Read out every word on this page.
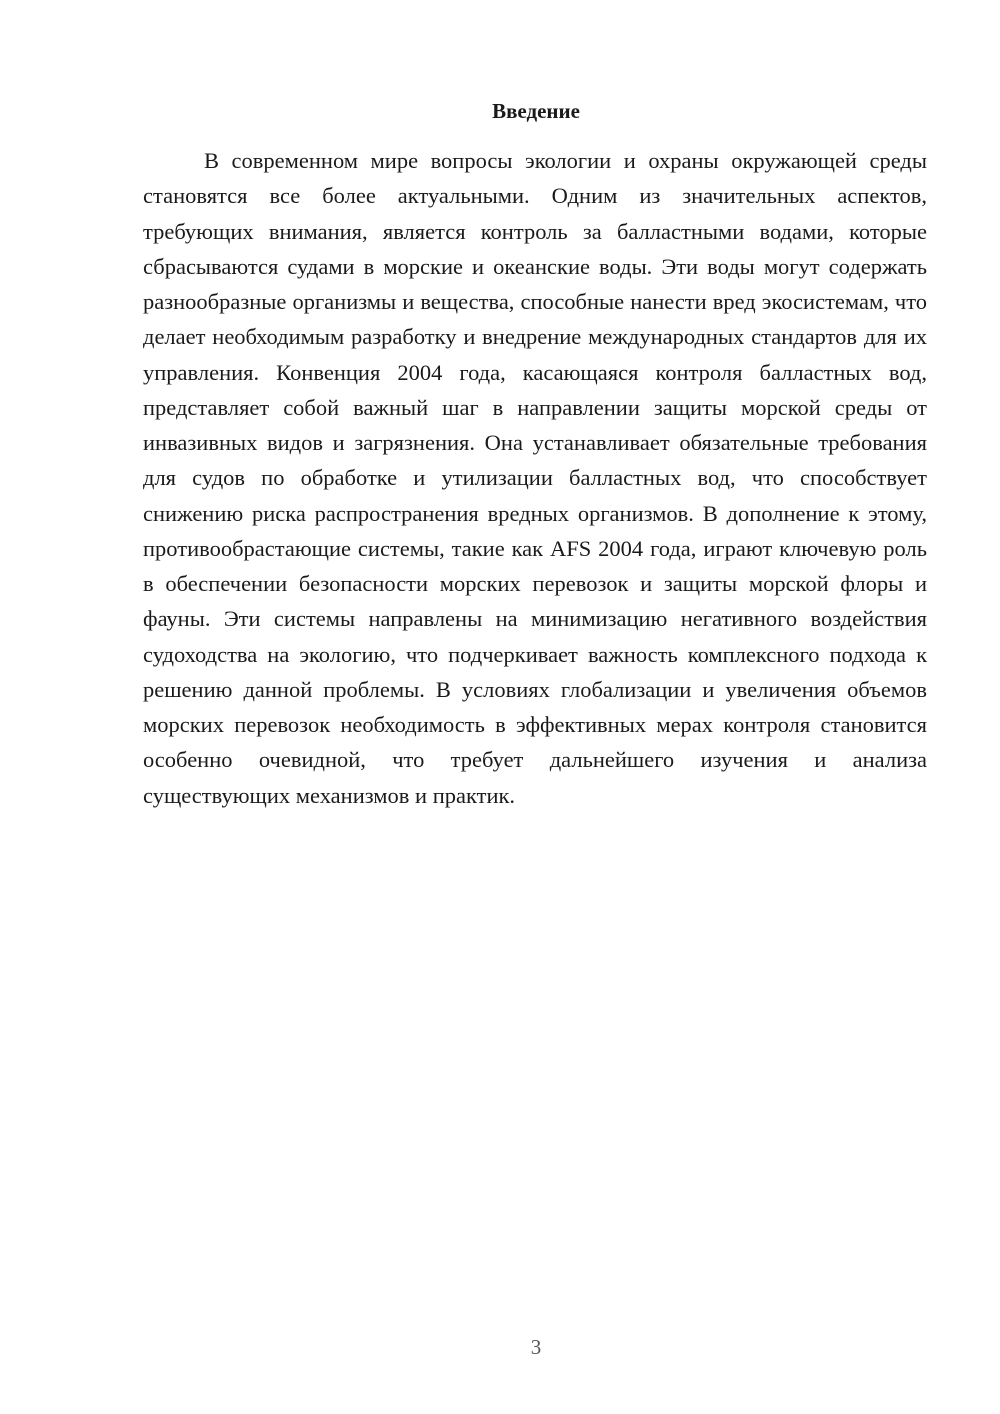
Введение

В современном мире вопросы экологии и охраны окружающей среды становятся все более актуальными. Одним из значительных аспектов, требующих внимания, является контроль за балластными водами, которые сбрасываются судами в морские и океанские воды. Эти воды могут содержать разнообразные организмы и вещества, способные нанести вред экосистемам, что делает необходимым разработку и внедрение международных стандартов для их управления. Конвенция 2004 года, касающаяся контроля балластных вод, представляет собой важный шаг в направлении защиты морской среды от инвазивных видов и загрязнения. Она устанавливает обязательные требования для судов по обработке и утилизации балластных вод, что способствует снижению риска распространения вредных организмов. В дополнение к этому, противообрастающие системы, такие как AFS 2004 года, играют ключевую роль в обеспечении безопасности морских перевозок и защиты морской флоры и фауны. Эти системы направлены на минимизацию негативного воздействия судоходства на экологию, что подчеркивает важность комплексного подхода к решению данной проблемы. В условиях глобализации и увеличения объемов морских перевозок необходимость в эффективных мерах контроля становится особенно очевидной, что требует дальнейшего изучения и анализа существующих механизмов и практик.

3
